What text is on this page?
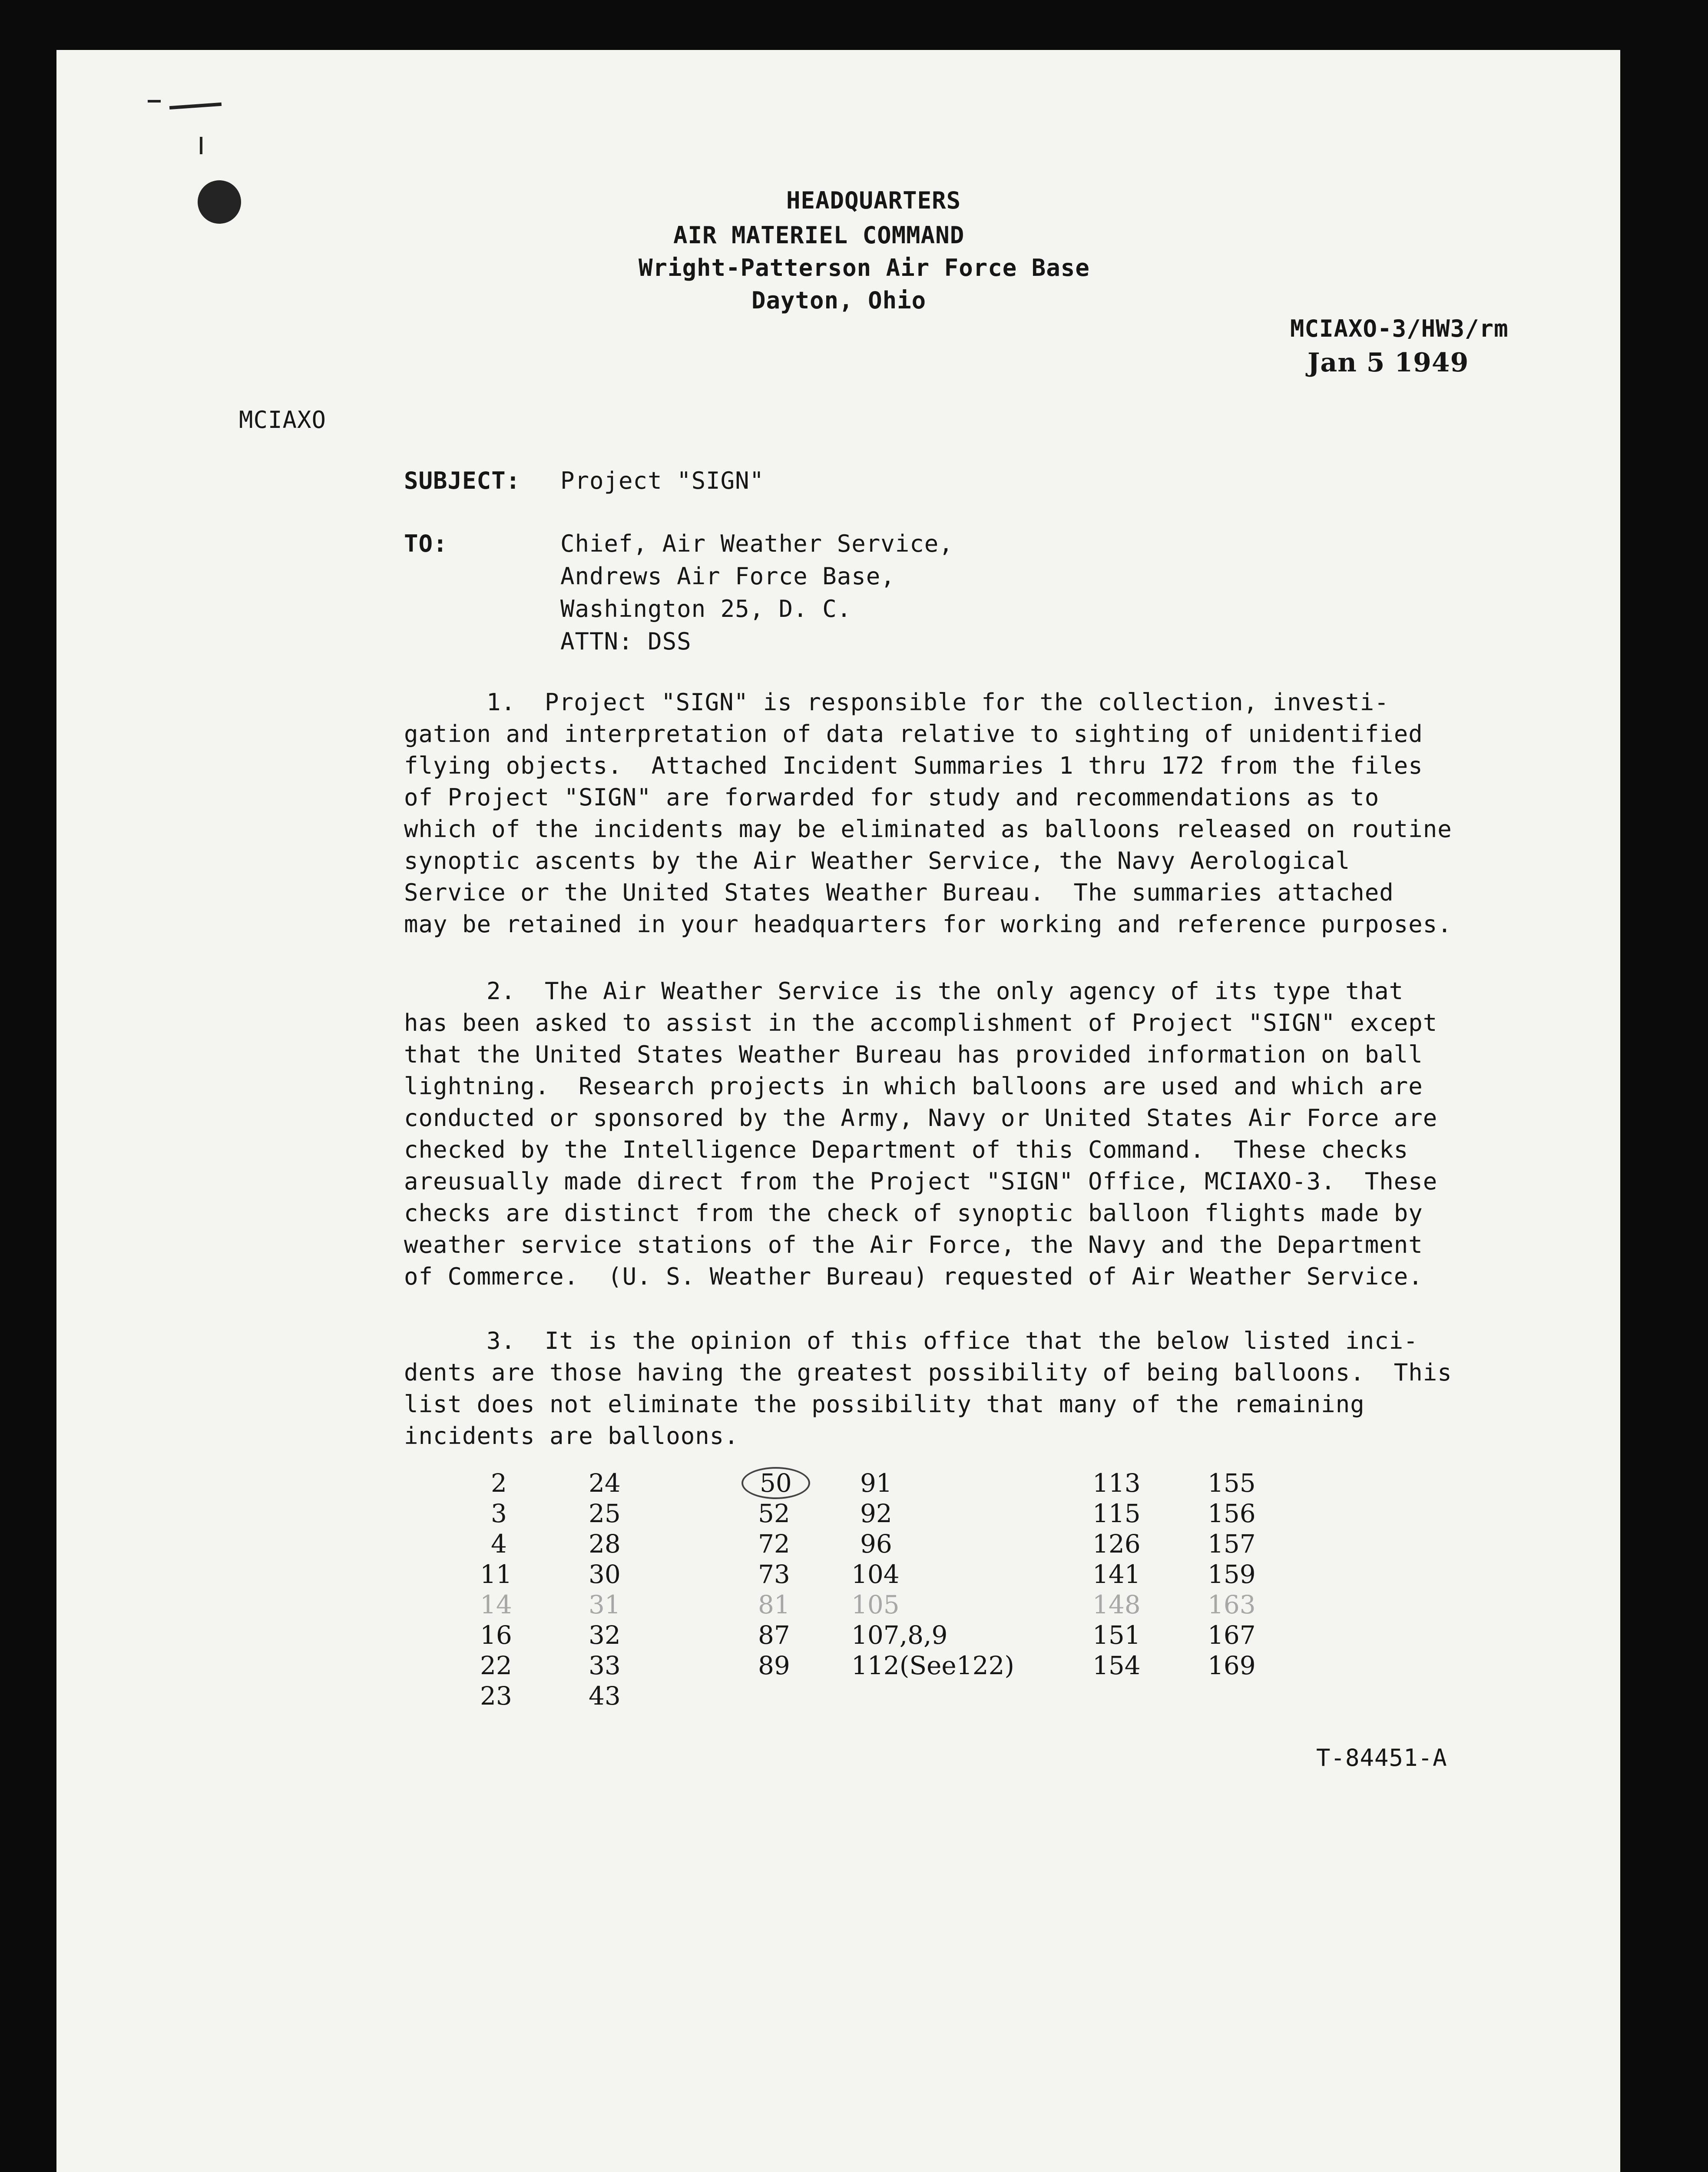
HEADQUARTERS
AIR MATERIEL COMMAND
Wright-Patterson Air Force Base
Dayton, Ohio
MCIAXO-3/HW3/rm
Jan 5 1949
MCIAXO
SUBJECT: Project "SIGN"
TO:	Chief, Air Weather Service,
Andrews Air Force Base,
Washington 25, D. C.
ATTN: DSS
1.  Project "SIGN" is responsible for the collection, investi-
gation and interpretation of data relative to sighting of unidentified
flying objects.  Attached Incident Summaries 1 thru 172 from the files
of Project "SIGN" are forwarded for study and recommendations as to
which of the incidents may be eliminated as balloons released on routine
synoptic ascents by the Air Weather Service, the Navy Aerological
Service or the United States Weather Bureau.  The summaries attached
may be retained in your headquarters for working and reference purposes.
2.  The Air Weather Service is the only agency of its type that
has been asked to assist in the accomplishment of Project "SIGN" except
that the United States Weather Bureau has provided information on ball
lightning.  Research projects in which balloons are used and which are
conducted or sponsored by the Army, Navy or United States Air Force are
checked by the Intelligence Department of this Command.  These checks
areusually made direct from the Project "SIGN" Office, MCIAXO-3.  These
checks are distinct from the check of synoptic balloon flights made by
weather service stations of the Air Force, the Navy and the Department
of Commerce.  (U. S. Weather Bureau) requested of Air Weather Service.
3.  It is the opinion of this office that the below listed inci-
dents are those having the greatest possibility of being balloons.  This
list does not eliminate the possibility that many of the remaining
incidents are balloons.
2
3
4
11
14
16
22
23
24
25
28
30
31
32
33
43
50
52
72
73
81
87
89
91
92
96
104
105
107,8,9
112(See122)
113
115
126
141
148
151
154
155
156
157
159
163
167
169
T-84451-A
